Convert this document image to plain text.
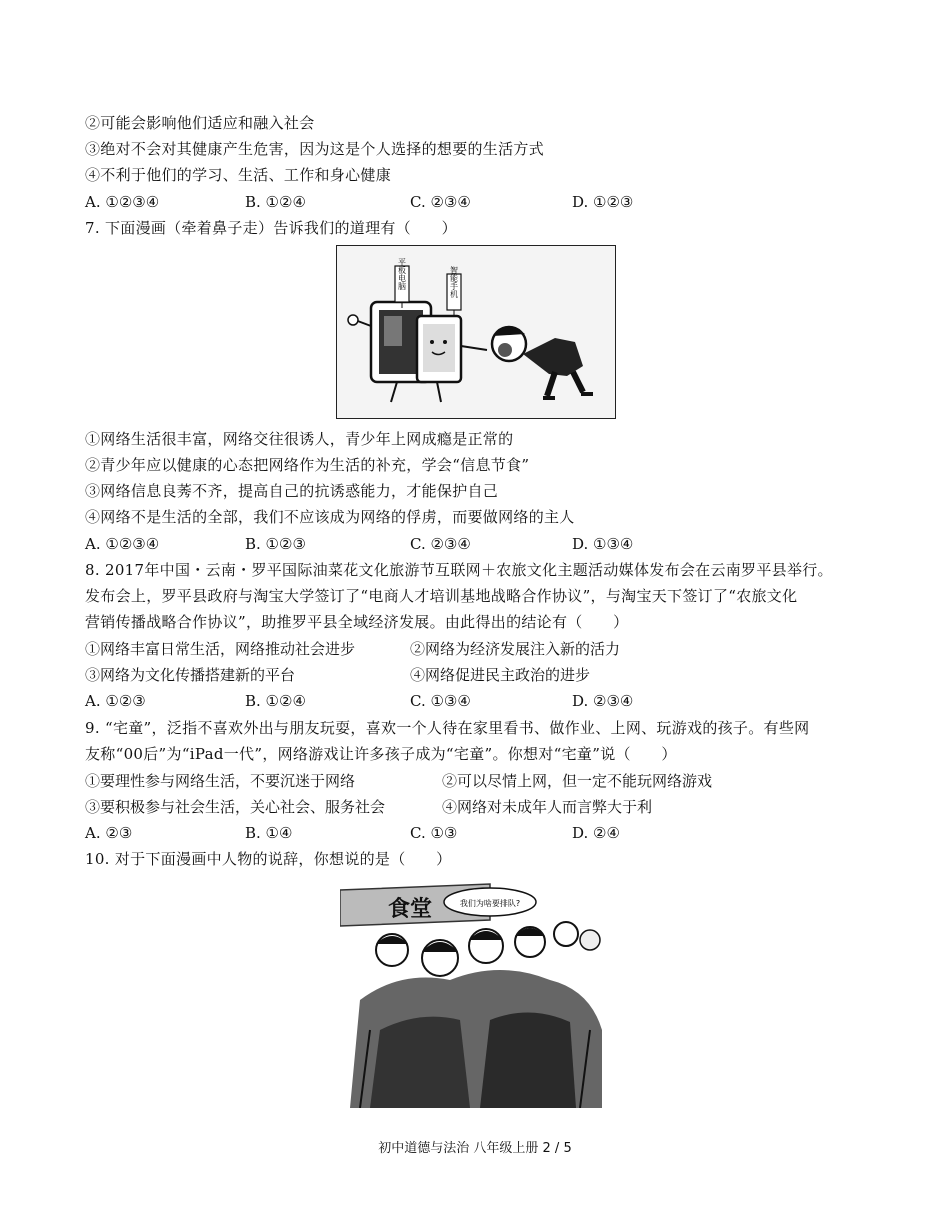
②可能会影响他们适应和融入社会
③绝对不会对其健康产生危害，因为这是个人选择的想要的生活方式
④不利于他们的学习、生活、工作和身心健康
A. ①②③④	B. ①②④	C. ②③④	D. ①②③
7. 下面漫画（牵着鼻子走）告诉我们的道理有（　　）
平板电脑	智能手机
①网络生活很丰富，网络交往很诱人，青少年上网成瘾是正常的
②青少年应以健康的心态把网络作为生活的补充，学会“信息节食”
③网络信息良莠不齐，提高自己的抗诱惑能力，才能保护自己
④网络不是生活的全部，我们不应该成为网络的俘虏，而要做网络的主人
A. ①②③④	B. ①②③	C. ②③④	D. ①③④
8. 2017年中国・云南・罗平国际油菜花文化旅游节互联网＋农旅文化主题活动媒体发布会在云南罗平县举行。
发布会上，罗平县政府与淘宝大学签订了“电商人才培训基地战略合作协议”，与淘宝天下签订了“农旅文化
营销传播战略合作协议”，助推罗平县全域经济发展。由此得出的结论有（　　）
①网络丰富日常生活，网络推动社会进步	②网络为经济发展注入新的活力
③网络为文化传播搭建新的平台	④网络促进民主政治的进步
A. ①②③	B. ①②④	C. ①③④	D. ②③④
9. “宅童”，泛指不喜欢外出与朋友玩耍，喜欢一个人待在家里看书、做作业、上网、玩游戏的孩子。有些网
友称“00后”为“iPad一代”，网络游戏让许多孩子成为“宅童”。你想对“宅童”说（　　）
①要理性参与网络生活，不要沉迷于网络	②可以尽情上网，但一定不能玩网络游戏
③要积极参与社会生活，关心社会、服务社会	④网络对未成年人而言弊大于利
A. ②③	B. ①④	C. ①③	D. ②④
10. 对于下面漫画中人物的说辞，你想说的是（　　）
食堂	我们为啥要排队?
初中道德与法治 八年级上册 2 / 5
